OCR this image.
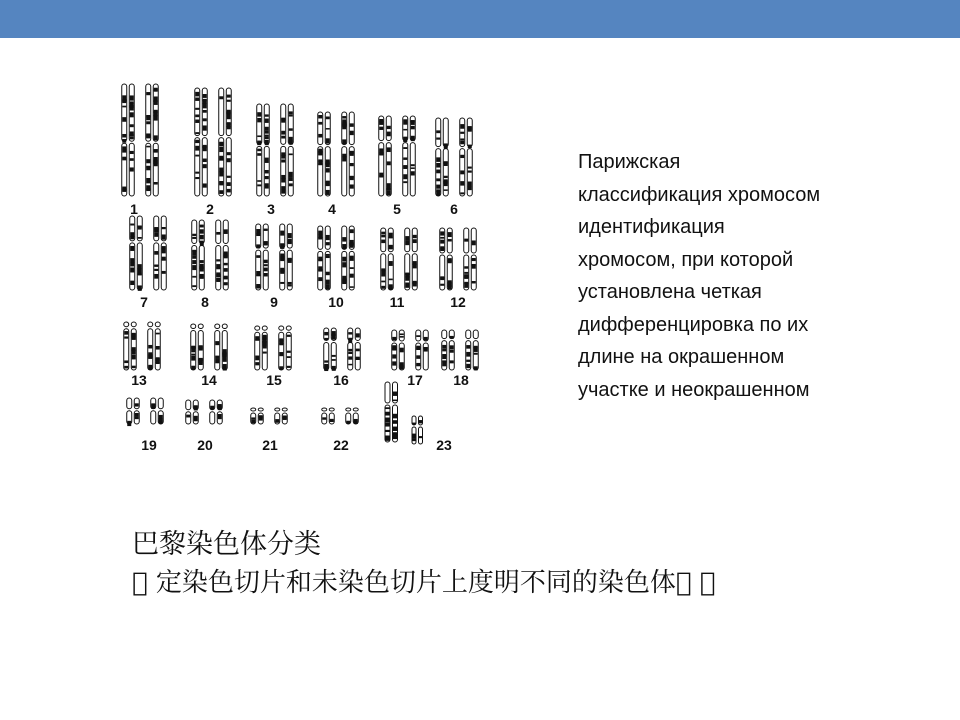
1	2	3	4	5	6
7	8	9	10	11	12
13	14	15	16	17 18
19	20	21	22	23
Парижская
классификация хромосом
идентификация
хромосом, при которой
установлена четкая
дифференцировка по их
длине на окрашенном
участке и неокрашенном
巴黎染色体分类
￿ 定染色切片和未染色切片上度明不同的染色体￿ ￿
